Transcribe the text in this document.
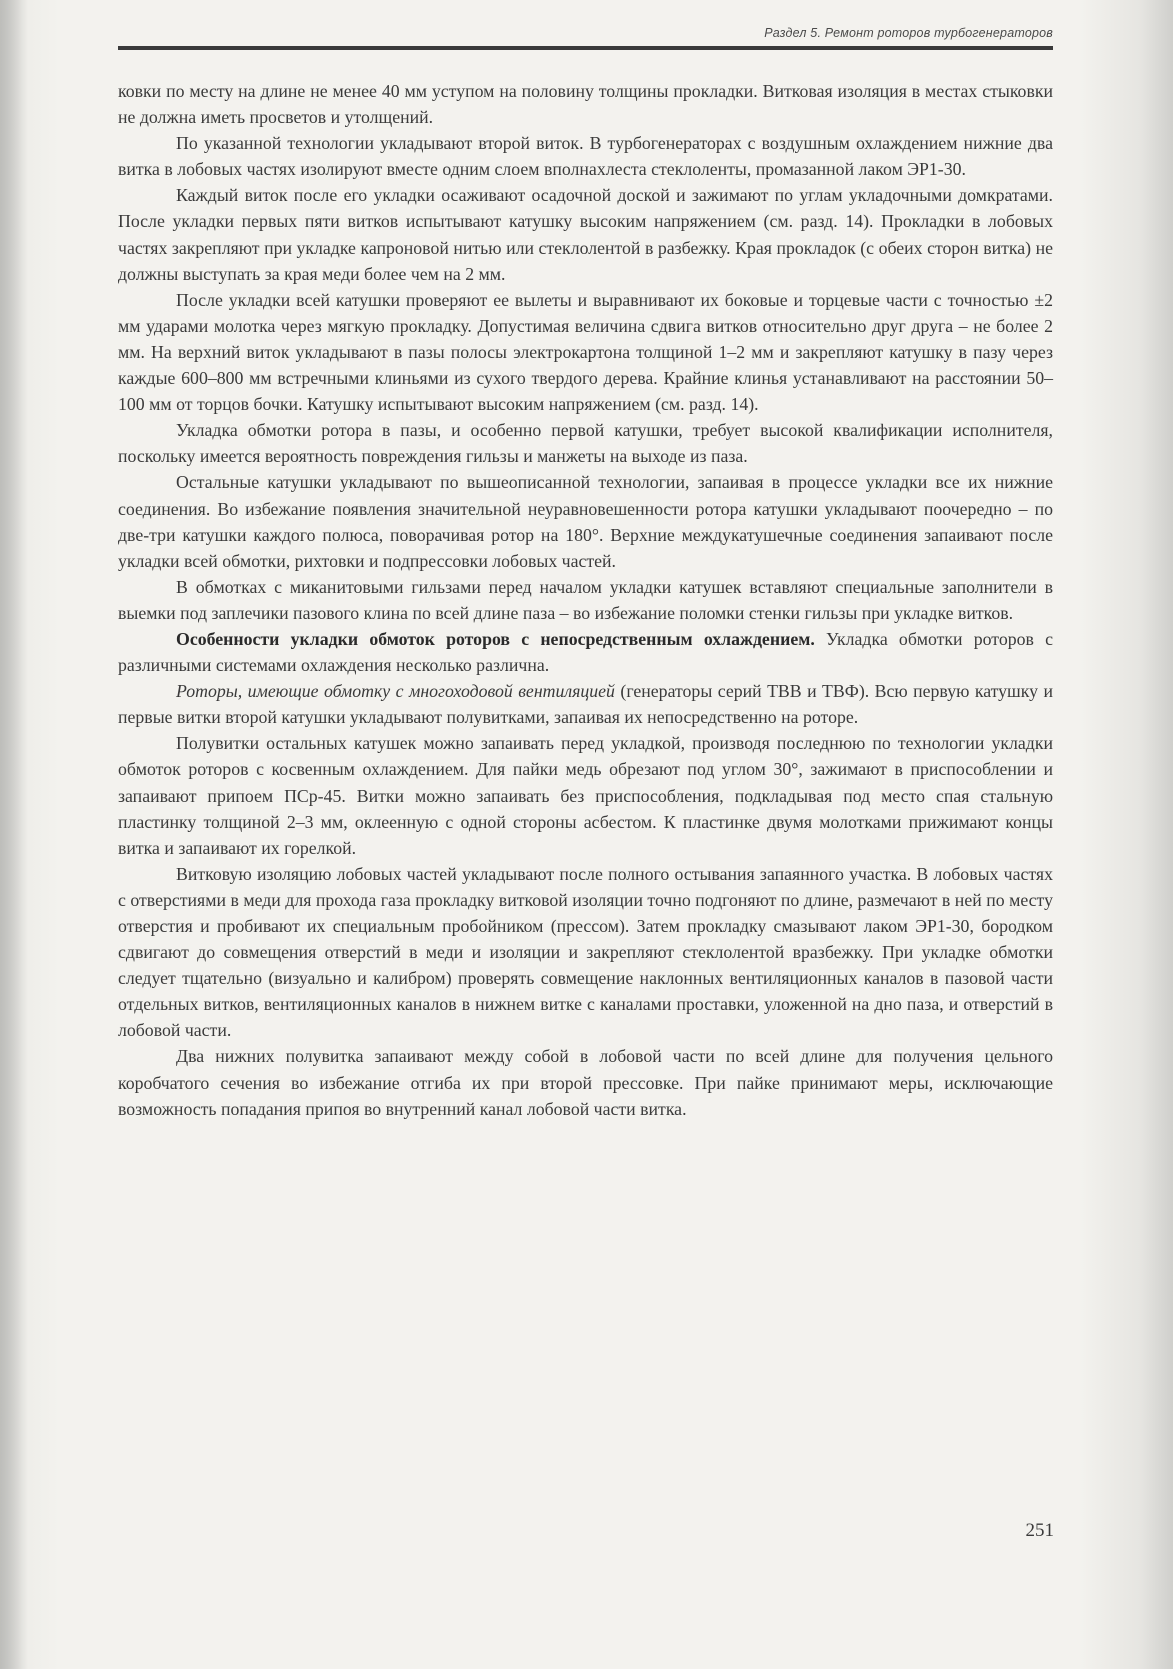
Раздел 5. Ремонт роторов турбогенераторов

ковки по месту на длине не менее 40 мм уступом на половину толщины прокладки. Витковая изоляция в местах стыковки не должна иметь просветов и утолщений.

По указанной технологии укладывают второй виток. В турбогенераторах с воздушным охлаждением нижние два витка в лобовых частях изолируют вместе одним слоем вполнахлеста стеклоленты, промазанной лаком ЭР1-30.

Каждый виток после его укладки осаживают осадочной доской и зажимают по углам укладочными домкратами. После укладки первых пяти витков испытывают катушку высоким напряжением (см. разд. 14). Прокладки в лобовых частях закрепляют при укладке капроновой нитью или стеклолентой в разбежку. Края прокладок (с обеих сторон витка) не должны выступать за края меди более чем на 2 мм.

После укладки всей катушки проверяют ее вылеты и выравнивают их боковые и торцевые части с точностью ±2 мм ударами молотка через мягкую прокладку. Допустимая величина сдвига витков относительно друг друга – не более 2 мм. На верхний виток укладывают в пазы полосы электрокартона толщиной 1–2 мм и закрепляют катушку в пазу через каждые 600–800 мм встречными клиньями из сухого твердого дерева. Крайние клинья устанавливают на расстоянии 50–100 мм от торцов бочки. Катушку испытывают высоким напряжением (см. разд. 14).

Укладка обмотки ротора в пазы, и особенно первой катушки, требует высокой квалификации исполнителя, поскольку имеется вероятность повреждения гильзы и манжеты на выходе из паза.

Остальные катушки укладывают по вышеописанной технологии, запаивая в процессе укладки все их нижние соединения. Во избежание появления значительной неуравновешенности ротора катушки укладывают поочередно – по две-три катушки каждого полюса, поворачивая ротор на 180°. Верхние междукатушечные соединения запаивают после укладки всей обмотки, рихтовки и подпрессовки лобовых частей.

В обмотках с миканитовыми гильзами перед началом укладки катушек вставляют специальные заполнители в выемки под заплечики пазового клина по всей длине паза – во избежание поломки стенки гильзы при укладке витков.

Особенности укладки обмоток роторов с непосредственным охлаждением. Укладка обмотки роторов с различными системами охлаждения несколько различна.

Роторы, имеющие обмотку с многоходовой вентиляцией (генераторы серий ТВВ и ТВФ). Всю первую катушку и первые витки второй катушки укладывают полувитками, запаивая их непосредственно на роторе.

Полувитки остальных катушек можно запаивать перед укладкой, производя последнюю по технологии укладки обмоток роторов с косвенным охлаждением. Для пайки медь обрезают под углом 30°, зажимают в приспособлении и запаивают припоем ПСр-45. Витки можно запаивать без приспособления, подкладывая под место спая стальную пластинку толщиной 2–3 мм, оклеенную с одной стороны асбестом. К пластинке двумя молотками прижимают концы витка и запаивают их горелкой.

Витковую изоляцию лобовых частей укладывают после полного остывания запаянного участка. В лобовых частях с отверстиями в меди для прохода газа прокладку витковой изоляции точно подгоняют по длине, размечают в ней по месту отверстия и пробивают их специальным пробойником (прессом). Затем прокладку смазывают лаком ЭР1-30, бородком сдвигают до совмещения отверстий в меди и изоляции и закрепляют стеклолентой вразбежку. При укладке обмотки следует тщательно (визуально и калибром) проверять совмещение наклонных вентиляционных каналов в пазовой части отдельных витков, вентиляционных каналов в нижнем витке с каналами проставки, уложенной на дно паза, и отверстий в лобовой части.

Два нижних полувитка запаивают между собой в лобовой части по всей длине для получения цельного коробчатого сечения во избежание отгиба их при второй прессовке. При пайке принимают меры, исключающие возможность попадания припоя во внутренний канал лобовой части витка.

251
